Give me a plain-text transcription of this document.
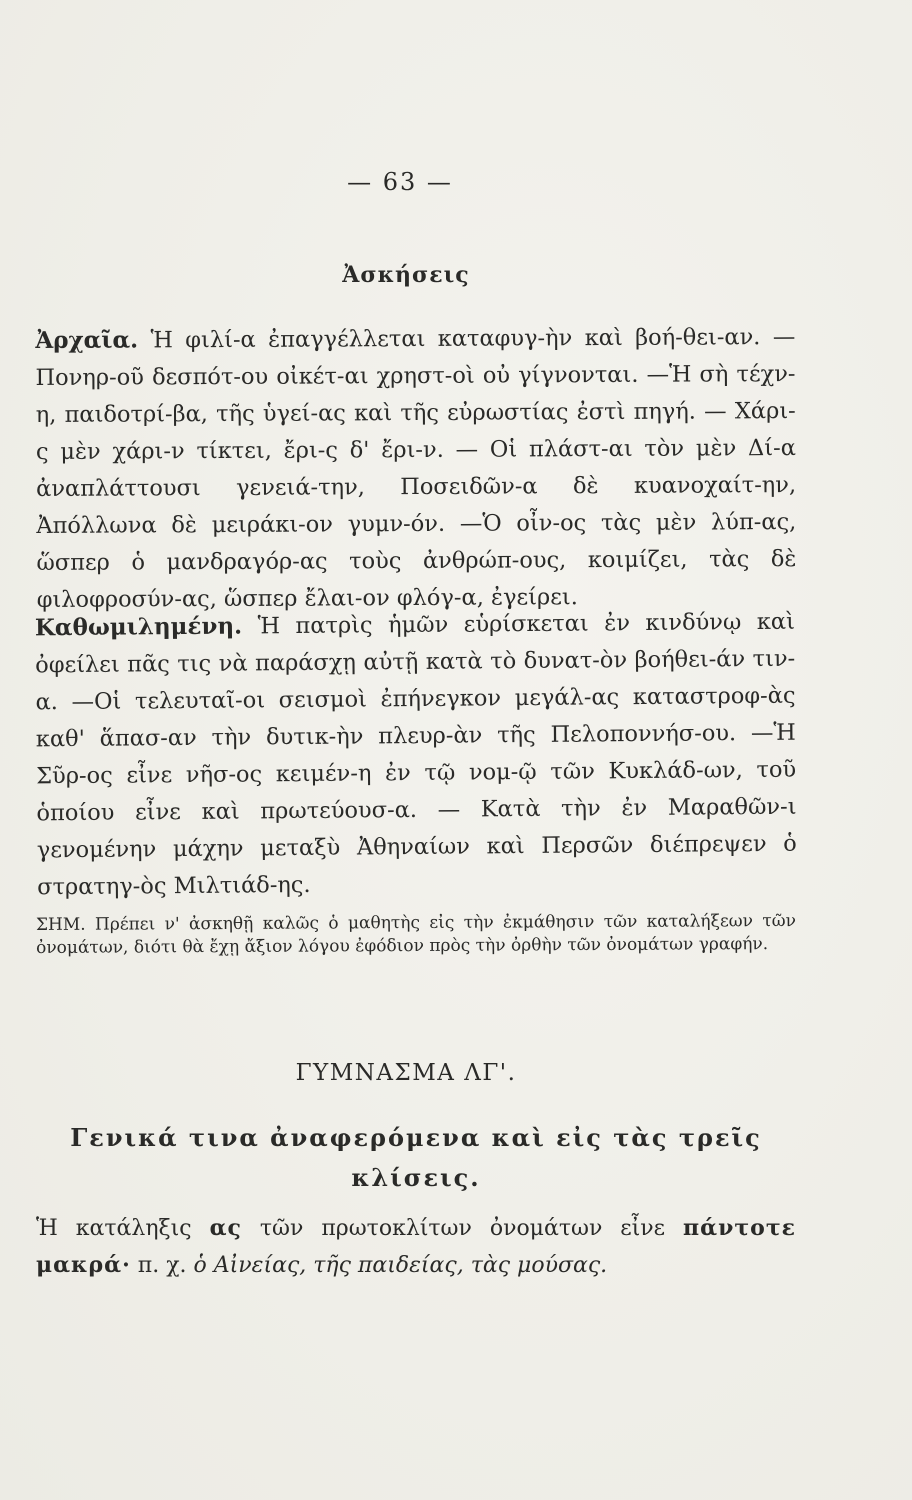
— 63 —
Ἀσκήσεις
Ἀρχαῖα. Ἡ φιλί-α ἐπαγγέλλεται καταφυγ-ὴν καὶ βοή-θει-αν. — Πονηρ-οῦ δεσπότ-ου οἰκέτ-αι χρηστ-οὶ οὐ γίγνονται. —Ἡ σὴ τέχν-η, παιδοτρί-βα, τῆς ὑγεί-ας καὶ τῆς εὐρωστίας ἐστὶ πηγή. — Χάρι-ς μὲν χάρι-ν τίκτει, ἔρι-ς δ' ἔρι-ν. — Οἱ πλάστ-αι τὸν μὲν Δί-α ἀναπλάττουσι γενειά-την, Ποσειδῶν-α δὲ κυανοχαίτ-ην, Ἀπόλλωνα δὲ μειράκι-ον γυμν-όν. —Ὁ οἶν-ος τὰς μὲν λύπ-ας, ὥσπερ ὁ μανδραγόρ-ας τοὺς ἀνθρώπ-ους, κοιμίζει, τὰς δὲ φιλοφροσύν-ας, ὥσπερ ἔλαι-ον φλόγ-α, ἐγείρει.
Καθωμιλημένη. Ἡ πατρὶς ἡμῶν εὑρίσκεται ἐν κινδύνῳ καὶ ὀφείλει πᾶς τις νὰ παράσχῃ αὐτῇ κατὰ τὸ δυνατ-ὸν βοήθει-άν τιν-α. —Οἱ τελευταῖ-οι σεισμοὶ ἐπήνεγκον μεγάλ-ας καταστροφ-ὰς καθ' ἅπασ-αν τὴν δυτικ-ὴν πλευρ-ὰν τῆς Πελοποννήσ-ου. —Ἡ Σῦρ-ος εἶνε νῆσ-ος κειμέν-η ἐν τῷ νομ-ῷ τῶν Κυκλάδ-ων, τοῦ ὁποίου εἶνε καὶ πρωτεύουσ-α. — Κατὰ τὴν ἐν Μαραθῶν-ι γενομένην μάχην μεταξὺ Ἀθηναίων καὶ Περσῶν διέπρεψεν ὁ στρατηγ-ὸς Μιλτιάδ-ης.
ΣΗΜ. Πρέπει ν' ἀσκηθῇ καλῶς ὁ μαθητὴς εἰς τὴν ἐκμάθησιν τῶν καταλήξεων τῶν ὀνομάτων, διότι θὰ ἔχῃ ἄξιον λόγου ἐφόδιον πρὸς τὴν ὀρθὴν τῶν ὀνομάτων γραφήν.
ΓΥΜΝΑΣΜΑ ΛΓ'.
Γενικά τινα ἀναφερόμενα καὶ εἰς τὰς τρεῖς κλίσεις.
Ἡ κατάληξις ας τῶν πρωτοκλίτων ὀνομάτων εἶνε πάντοτε μακρά· π. χ. ὁ Αἰνείας, τῆς παιδείας, τὰς μούσας.
